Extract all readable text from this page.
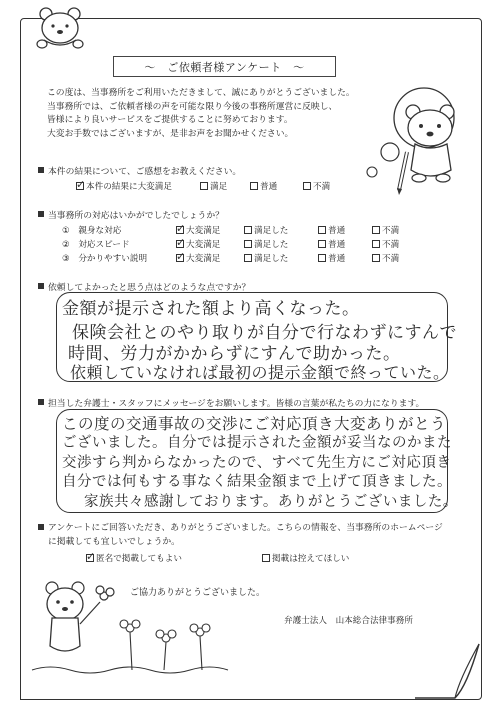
〜　ご依頼者様アンケート　〜
この度は、当事務所をご利用いただきまして、誠にありがとうございました。
当事務所では、ご依頼者様の声を可能な限り今後の事務所運営に反映し、
皆様により良いサービスをご提供することに努めております。
大変お手数ではございますが、是非お声をお聞かせください。
本件の結果について、ご感想をお教えください。
✓本件の結果に大変満足	満足	普通	不満
当事務所の対応はいかがでしたでしょうか？
①　 親身な対応 ✓	大変満足	満足した	普通	不満
②　 対応スピード ✓	大変満足	満足した	普通	不満
③　 分かりやすい説明 ✓	大変満足	満足した	普通	不満
依頼してよかったと思う点はどのような点ですか？
金額が提示された額より高くなった。
保険会社とのやり取りが自分で行なわずにすんで
時間、労力がかからずにすんで助かった。
依頼していなければ最初の提示金額で終っていた。
担当した弁護士・スタッフにメッセージをお願いします。皆様の言葉が私たちの力になります。
この度の交通事故の交渉にご対応頂き大変ありがとう
ございました。自分では提示された金額が妥当なのかまた
交渉すら判からなかったので、すべて先生方にご対応頂き
自分では何もする事なく結果金額まで上げて頂きました。
家族共々感謝しております。ありがとうございました。
アンケートにご回答いただき、ありがとうございました。こちらの情報を、当事務所のホームページ
に掲載しても宜しいでしょうか。
✓匿名で掲載してもよい	掲載は控えてほしい
ご協力ありがとうございました。
弁護士法人　山本総合法律事務所
